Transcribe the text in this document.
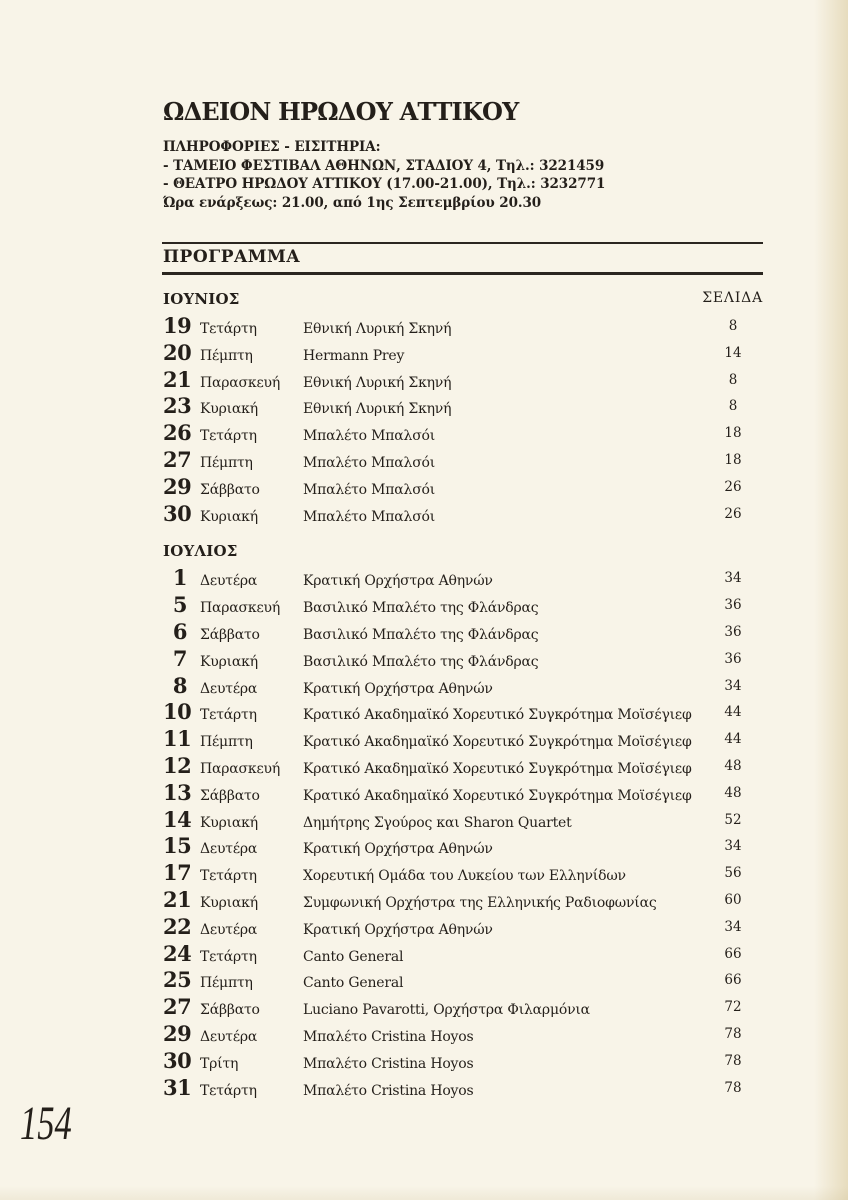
ΩΔΕΙΟΝ ΗΡΩΔΟΥ ΑΤΤΙΚΟΥ
ΠΛΗΡΟΦΟΡΙΕΣ - ΕΙΣΙΤΗΡΙΑ:
- ΤΑΜΕΙΟ ΦΕΣΤΙΒΑΛ ΑΘΗΝΩΝ, ΣΤΑΔΙΟΥ 4, Τηλ.: 3221459
- ΘΕΑΤΡΟ ΗΡΩΔΟΥ ΑΤΤΙΚΟΥ (17.00-21.00), Τηλ.: 3232771
Ώρα ενάρξεως: 21.00, από 1ης Σεπτεμβρίου 20.30
ΠΡΟΓΡΑΜΜΑ
ΙΟΥΝΙΟΣ	ΣΕΛΙΔΑ
19 Τετάρτη	Εθνική Λυρική Σκηνή	8
20 Πέμπτη	Hermann Prey	14
21 Παρασκευή	Εθνική Λυρική Σκηνή	8
23 Κυριακή	Εθνική Λυρική Σκηνή	8
26 Τετάρτη	Μπαλέτο Μπαλσόι	18
27 Πέμπτη	Μπαλέτο Μπαλσόι	18
29 Σάββατο	Μπαλέτο Μπαλσόι	26
30 Κυριακή	Μπαλέτο Μπαλσόι	26
ΙΟΥΛΙΟΣ
1 Δευτέρα	Κρατική Ορχήστρα Αθηνών	34
5 Παρασκευή	Βασιλικό Μπαλέτο της Φλάνδρας	36
6 Σάββατο	Βασιλικό Μπαλέτο της Φλάνδρας	36
7 Κυριακή	Βασιλικό Μπαλέτο της Φλάνδρας	36
8 Δευτέρα	Κρατική Ορχήστρα Αθηνών	34
10 Τετάρτη	Κρατικό Ακαδημαϊκό Χορευτικό Συγκρότημα Μοϊσέγιεφ	44
11 Πέμπτη	Κρατικό Ακαδημαϊκό Χορευτικό Συγκρότημα Μοϊσέγιεφ	44
12 Παρασκευή	Κρατικό Ακαδημαϊκό Χορευτικό Συγκρότημα Μοϊσέγιεφ	48
13 Σάββατο	Κρατικό Ακαδημαϊκό Χορευτικό Συγκρότημα Μοϊσέγιεφ	48
14 Κυριακή	Δημήτρης Σγούρος και Sharon Quartet	52
15 Δευτέρα	Κρατική Ορχήστρα Αθηνών	34
17 Τετάρτη	Χορευτική Ομάδα του Λυκείου των Ελληνίδων	56
21 Κυριακή	Συμφωνική Ορχήστρα της Ελληνικής Ραδιοφωνίας	60
22 Δευτέρα	Κρατική Ορχήστρα Αθηνών	34
24 Τετάρτη	Canto General	66
25 Πέμπτη	Canto General	66
27 Σάββατο	Luciano Pavarotti, Ορχήστρα Φιλαρμόνια	72
29 Δευτέρα	Μπαλέτο Cristina Hoyos	78
30 Τρίτη	Μπαλέτο Cristina Hoyos	78
31 Τετάρτη	Μπαλέτο Cristina Hoyos	78
154
